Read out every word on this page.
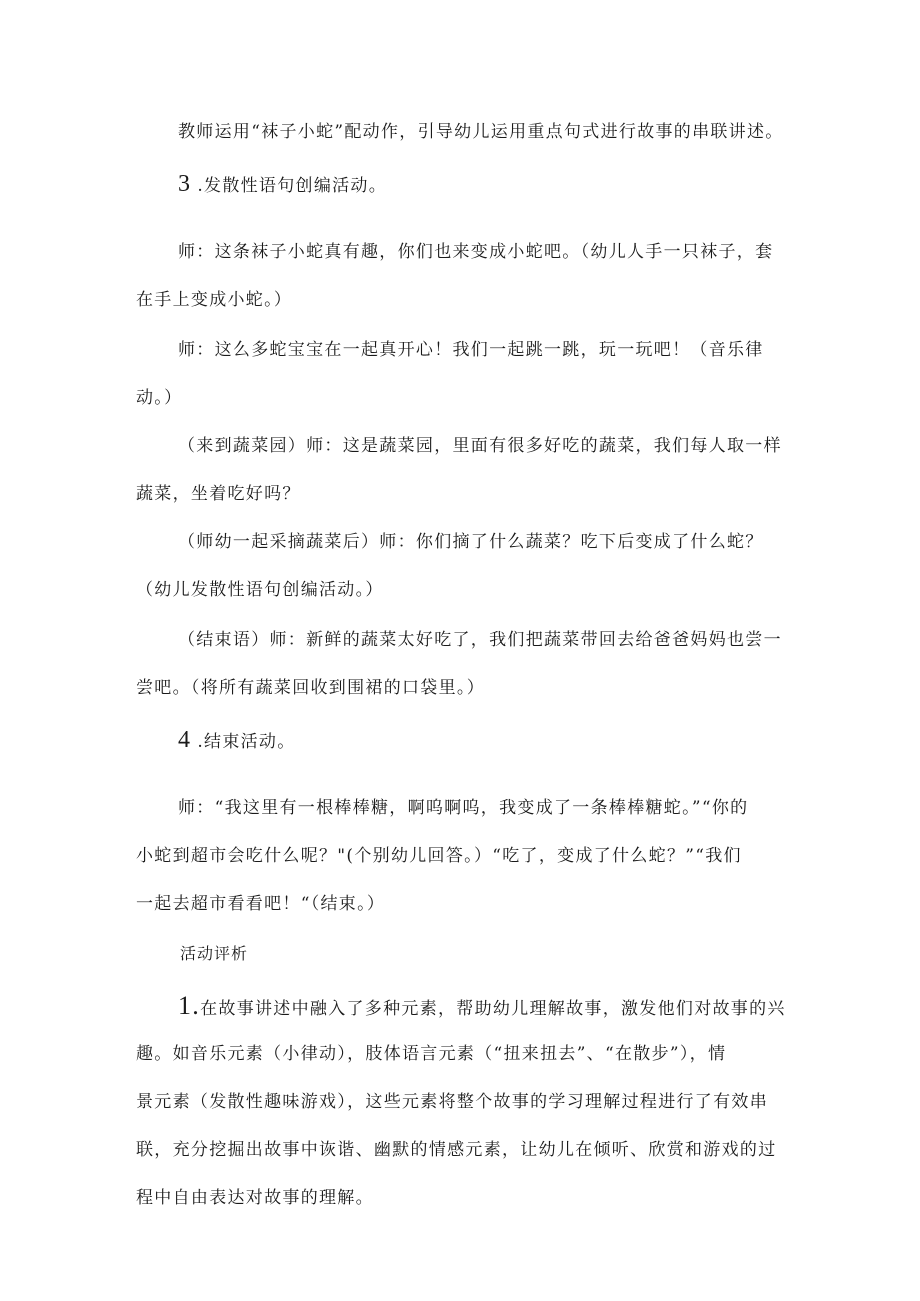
教师运用“袜子小蛇”配动作，引导幼儿运用重点句式进行故事的串联讲述。
3 .发散性语句创编活动。
师：这条袜子小蛇真有趣，你们也来变成小蛇吧。（幼儿人手一只袜子，套
在手上变成小蛇。）
师：这么多蛇宝宝在一起真开心！我们一起跳一跳，玩一玩吧！（音乐律
动。）
（来到蔬菜园）师：这是蔬菜园，里面有很多好吃的蔬菜，我们每人取一样
蔬菜，坐着吃好吗？
（师幼一起采摘蔬菜后）师：你们摘了什么蔬菜？吃下后变成了什么蛇？
（幼儿发散性语句创编活动。）
（结束语）师：新鲜的蔬菜太好吃了，我们把蔬菜带回去给爸爸妈妈也尝一
尝吧。（将所有蔬菜回收到围裙的口袋里。）
4 .结束活动。
师：“我这里有一根棒棒糖，啊呜啊呜，我变成了一条棒棒糖蛇。”“你的
小蛇到超市会吃什么呢？"(个别幼儿回答。）“吃了，变成了什么蛇？”“我们
一起去超市看看吧！“（结束。）
活动评析
1.在故事讲述中融入了多种元素，帮助幼儿理解故事，激发他们对故事的兴
趣。如音乐元素（小律动），肢体语言元素（“扭来扭去”、“在散步”），情
景元素（发散性趣味游戏），这些元素将整个故事的学习理解过程进行了有效串
联，充分挖掘出故事中诙谐、幽默的情感元素，让幼儿在倾听、欣赏和游戏的过
程中自由表达对故事的理解。
